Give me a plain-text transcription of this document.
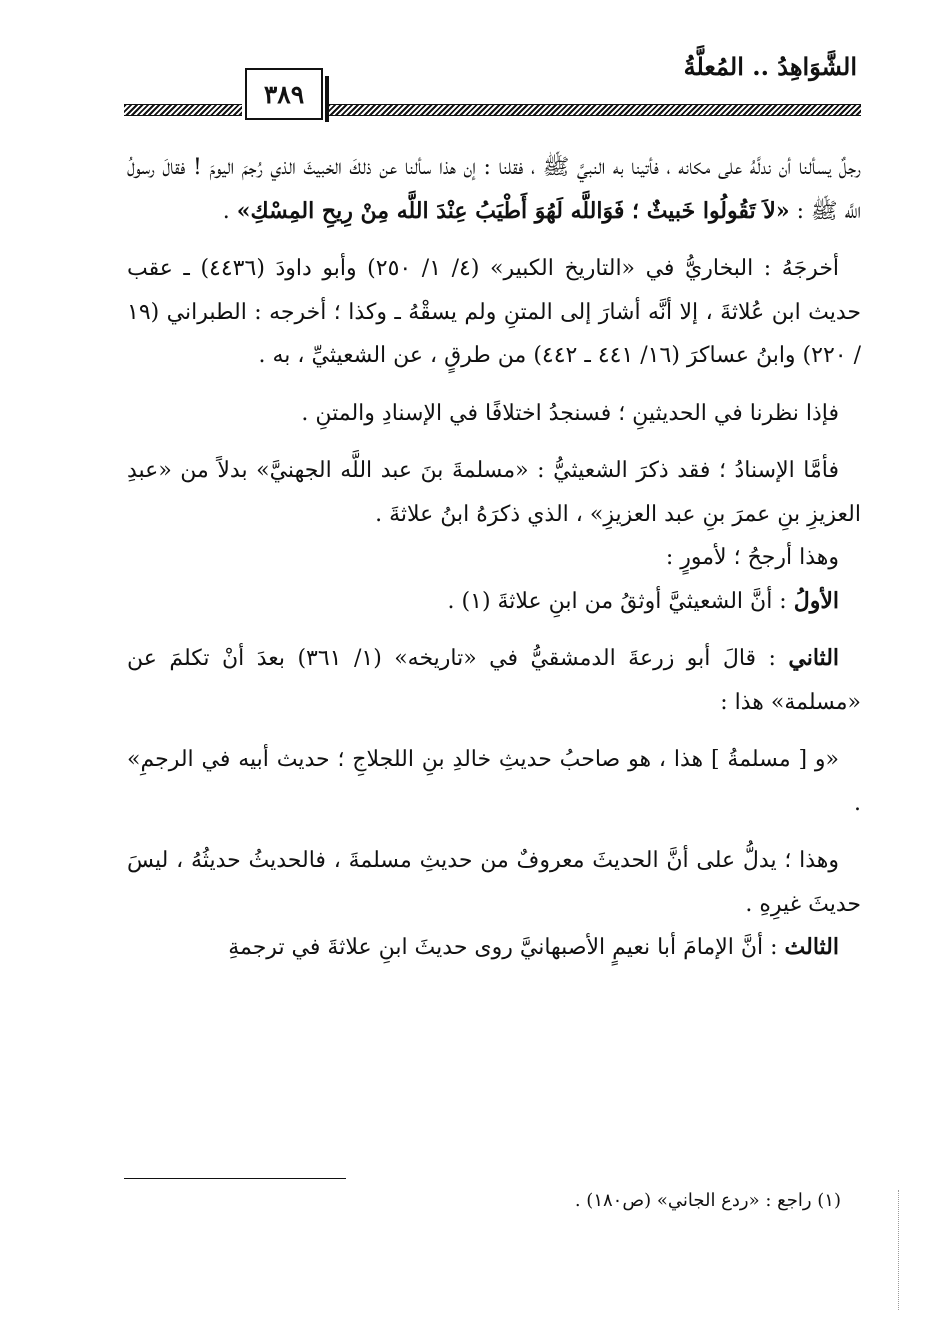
الشَّوَاهِدُ .. المُعلَّةُ
٣٨٩

رجلٌ يسألنا أن ندلَّهُ على مكانه ، فأتينا به النبيَّ ﷺ ، فقلنا : إن هذا سألنا عن ذلكَ الخبيثَ الذي رُجمَ اليومَ ! فقالَ رسولُ اللَّه ﷺ : «لاَ تَقُولُوا خَبيثٌ ؛ فَوَاللَّه لَهُوَ أَطْيَبُ عِنْدَ اللَّه مِنْ رِيحِ المِسْكِ» .

أخرجَهُ : البخاريُّ في «التاريخ الكبير» (٤/ ١/ ٢٥٠) وأبو داودَ (٤٤٣٦) ـ عقب حديث ابن عُلاثةَ ، إلا أنَّه أشارَ إلى المتنِ ولم يسقْهُ ـ وكذا ؛ أخرجه : الطبراني (١٩ / ٢٢٠) وابنُ عساكرَ (١٦/ ٤٤١ ـ ٤٤٢) من طرقٍ ، عن الشعيثيِّ ، به .

فإذا نظرنا في الحديثينِ ؛ فسنجدُ اختلافًا في الإسنادِ والمتنِ .

فأمَّا الإسنادُ ؛ فقد ذكرَ الشعيثيُّ : «مسلمةَ بنَ عبد اللَّه الجهنيَّ» بدلاً من «عبدِ العزيزِ بنِ عمرَ بنِ عبد العزيزِ» ، الذي ذكرَهُ ابنُ علاثةَ .

وهذا أرجحُ ؛ لأمورٍ :

الأولُ : أنَّ الشعيثيَّ أوثقُ من ابنِ علاثةَ (١) .

الثاني : قالَ أبو زرعةَ الدمشقيُّ في «تاريخه» (١/ ٣٦١) بعدَ أنْ تكلمَ عن «مسلمة» هذا :

«و [ مسلمةُ ] هذا ، هو صاحبُ حديثِ خالدِ بنِ اللجلاجِ ؛ حديث أبيه في الرجمِ» .

وهذا ؛ يدلُّ على أنَّ الحديثَ معروفٌ من حديثِ مسلمةَ ، فالحديثُ حديثُهُ ، ليسَ حديثَ غيرِهِ .

الثالث : أنَّ الإمامَ أبا نعيمٍ الأصبهانيَّ روى حديثَ ابنِ علاثةَ في ترجمةِ

(١) راجع : «ردع الجاني» (ص١٨٠) .
